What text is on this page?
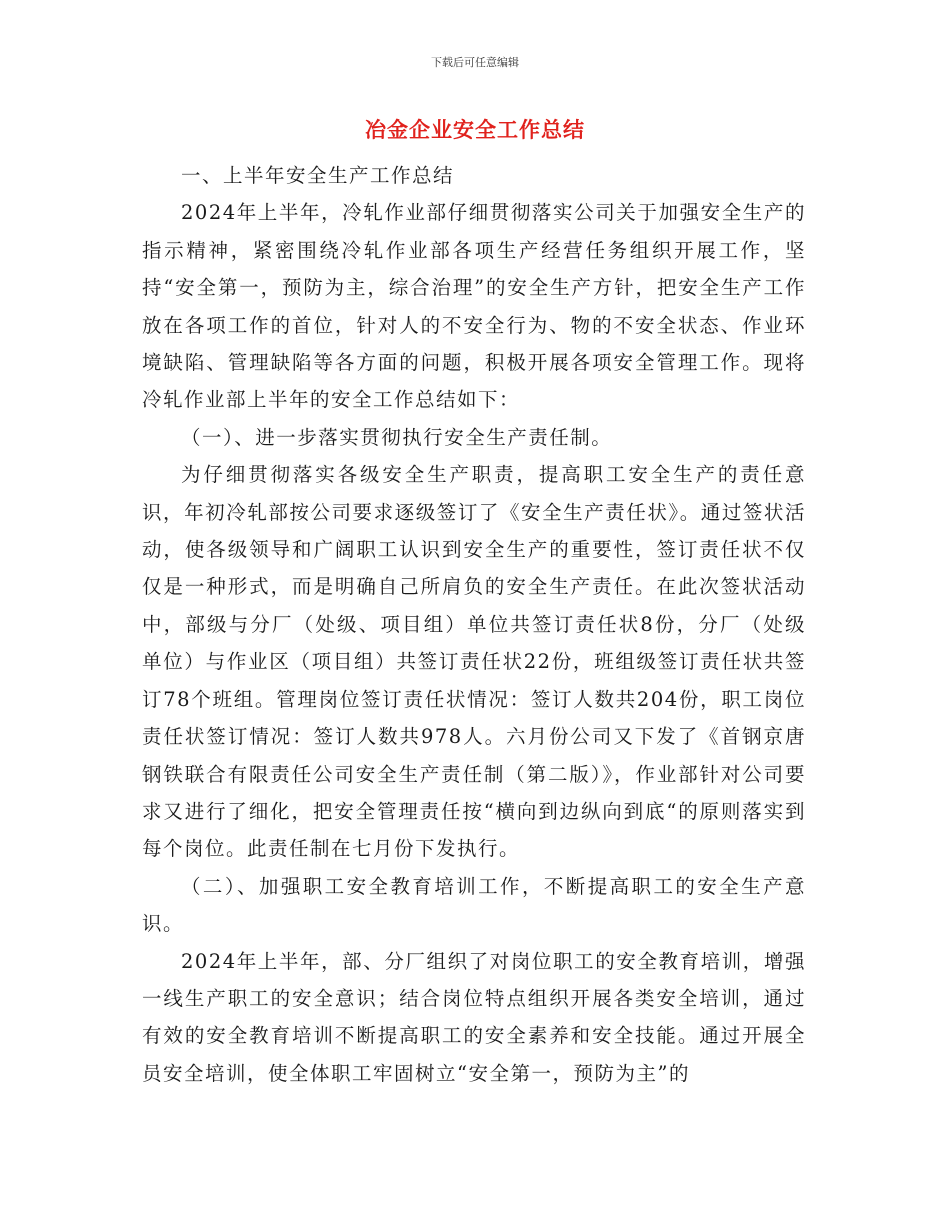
下载后可任意编辑
冶金企业安全工作总结

一、上半年安全生产工作总结

2024年上半年，冷轧作业部仔细贯彻落实公司关于加强安全生产的指示精神，紧密围绕冷轧作业部各项生产经营任务组织开展工作，坚持“安全第一，预防为主，综合治理”的安全生产方针，把安全生产工作放在各项工作的首位，针对人的不安全行为、物的不安全状态、作业环境缺陷、管理缺陷等各方面的问题，积极开展各项安全管理工作。现将冷轧作业部上半年的安全工作总结如下：

（一）、进一步落实贯彻执行安全生产责任制。

为仔细贯彻落实各级安全生产职责，提高职工安全生产的责任意识，年初冷轧部按公司要求逐级签订了《安全生产责任状》。通过签状活动，使各级领导和广阔职工认识到安全生产的重要性，签订责任状不仅仅是一种形式，而是明确自己所肩负的安全生产责任。在此次签状活动中，部级与分厂（处级、项目组）单位共签订责任状8份，分厂（处级单位）与作业区（项目组）共签订责任状22份，班组级签订责任状共签订78个班组。管理岗位签订责任状情况：签订人数共204份，职工岗位责任状签订情况：签订人数共978人。六月份公司又下发了《首钢京唐钢铁联合有限责任公司安全生产责任制（第二版）》，作业部针对公司要求又进行了细化，把安全管理责任按“横向到边纵向到底“的原则落实到每个岗位。此责任制在七月份下发执行。

（二）、加强职工安全教育培训工作，不断提高职工的安全生产意识。

2024年上半年，部、分厂组织了对岗位职工的安全教育培训，增强一线生产职工的安全意识；结合岗位特点组织开展各类安全培训，通过有效的安全教育培训不断提高职工的安全素养和安全技能。通过开展全员安全培训，使全体职工牢固树立“安全第一，预防为主”的
